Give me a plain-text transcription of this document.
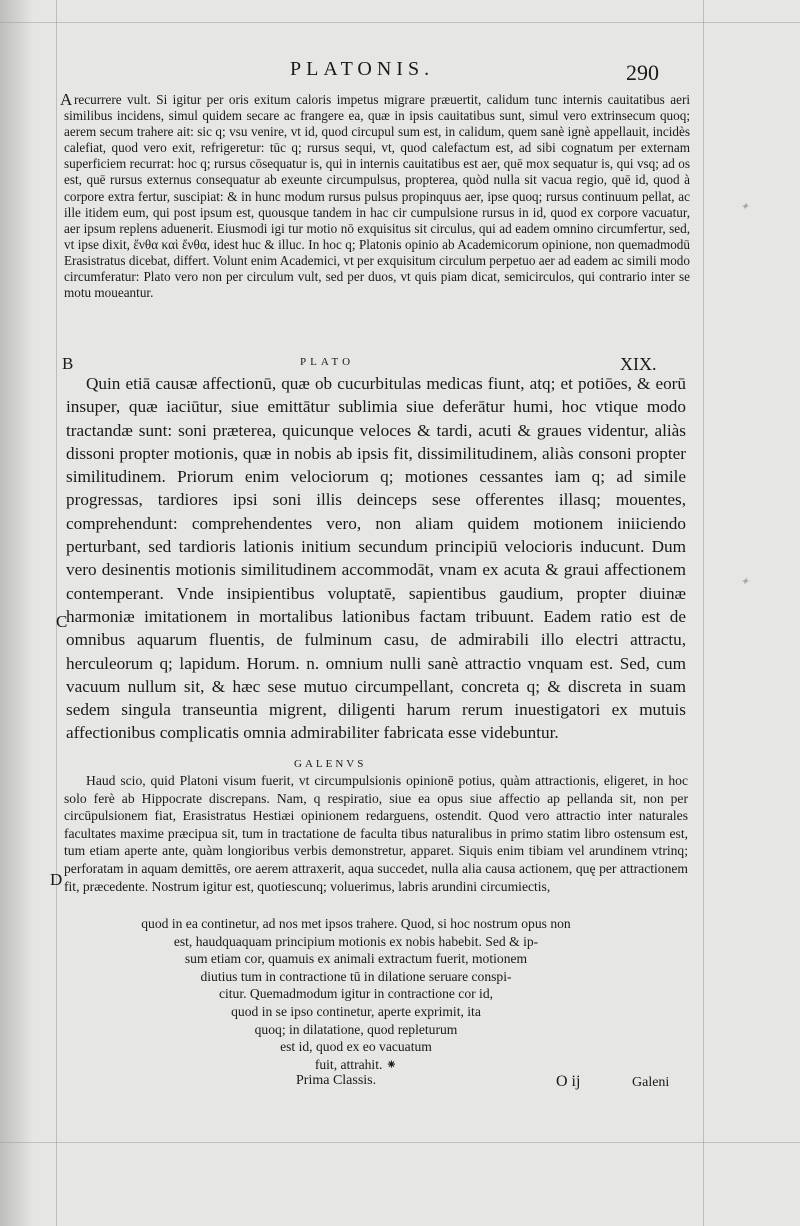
✦
✦
PLATONIS.	290
A
B
C
D

recurrere vult. Si igitur per oris exitum caloris impetus migrare præuertit, calidum tunc internis cauitatibus aeri similibus incidens, simul quidem secare ac frangere ea, quæ in ipsis cauitatibus sunt, simul vero extrinsecum quoq; aerem secum trahere ait: sic q; vsu venire, vt id, quod circupul sum est, in calidum, quem sanè ignè appellauit, incidès calefiat, quod vero exit, refrigeretur: tūc q; rursus sequi, vt, quod calefactum est, ad sibi cognatum per externam superficiem recurrat: hoc q; rursus cōsequatur is, qui in internis cauitatibus est aer, quē mox sequatur is, qui vsq; ad os est, quē rursus externus consequatur ab exeunte circumpulsus, propterea, quòd nulla sit vacua regio, quē id, quod à corpore extra fertur, suscipiat: & in hunc modum rursus pulsus propinquus aer, ipse quoq; rursus continuum pellat, ac ille itidem eum, qui post ipsum est, quousque tandem in hac cir cumpulsione rursus in id, quod ex corpore vacuatur, aer ipsum replens aduenerit. Eiusmodi igi tur motio nō exquisitus sit circulus, qui ad eadem omnino circumfertur, sed, vt ipse dixit, ἔνθα καὶ ἔνθα, idest huc & illuc. In hoc q; Platonis opinio ab Academicorum opinione, non quemadmodū Erasistratus dicebat, differt. Volunt enim Academici, vt per exquisitum circulum perpetuo aer ad eadem ac simili modo circumferatur: Plato vero non per circulum vult, sed per duos, vt quis piam dicat, semicirculos, qui contrario inter se motu moueantur.

PLATO	XIX.

Quin etiā causæ affectionū, quæ ob cucurbitulas medicas fiunt, atq; et potiōes, & eorū insuper, quæ iaciūtur, siue emittātur sublimia siue deferātur humi, hoc vtique modo tractandæ sunt: soni præterea, quicunque veloces & tardi, acuti & graues videntur, aliàs dissoni propter motionis, quæ in nobis ab ipsis fit, dissimilitudinem, aliàs consoni propter similitudinem. Priorum enim velociorum q; motiones cessantes iam q; ad simile progressas, tardiores ipsi soni illis deinceps sese offerentes illasq; mouentes, comprehendunt: comprehendentes vero, non aliam quidem motionem iniiciendo perturbant, sed tardioris lationis initium secundum principiū velocioris inducunt. Dum vero desinentis motionis similitudinem accommodāt, vnam ex acuta & graui affectionem contemperant. Vnde insipientibus voluptatē, sapientibus gaudium, propter diuinæ harmoniæ imitationem in mortalibus lationibus factam tribuunt. Eadem ratio est de omnibus aquarum fluentis, de fulminum casu, de admirabili illo electri attractu, herculeorum q; lapidum. Horum. n. omnium nulli sanè attractio vnquam est. Sed, cum vacuum nullum sit, & hæc sese mutuo circumpellant, concreta q; & discreta in suam sedem singula transeuntia migrent, diligenti harum rerum inuestigatori ex mutuis affectionibus complicatis omnia admirabiliter fabricata esse videbuntur.

GALENVS

Haud scio, quid Platoni visum fuerit, vt circumpulsionis opinionē potius, quàm attractionis, eligeret, in hoc solo ferè ab Hippocrate discrepans. Nam, q respiratio, siue ea opus siue affectio ap pellanda sit, non per circūpulsionem fiat, Erasistratus Hestiæi opinionem redarguens, ostendit. Quod vero attractio inter naturales facultates maxime præcipua sit, tum in tractatione de faculta tibus naturalibus in primo statim libro ostensum est, tum etiam aperte ante, quàm longioribus verbis demonstretur, apparet. Siquis enim tibiam vel arundinem vtrinq; perforatam in aquam demittēs, ore aerem attraxerit, aqua succedet, nulla alia causa actionem, quę per attractionem fit, præcedente. Nostrum igitur est, quotiescunq; voluerimus, labris arundini circumiectis,

quod in ea continetur, ad nos met ipsos trahere. Quod, si hoc nostrum opus non
est, haudquaquam principium motionis ex nobis habebit. Sed & ip-
sum etiam cor, quamuis ex animali extractum fuerit, motionem
diutius tum in contractione tū in dilatione seruare conspi-
citur. Quemadmodum igitur in contractione cor id,
quod in se ipso continetur, aperte exprimit, ita
quoq; in dilatatione, quod repleturum
est id, quod ex eo vacuatum
fuit, attrahit. ⁕
Prima Classis.	O ij	Galeni
